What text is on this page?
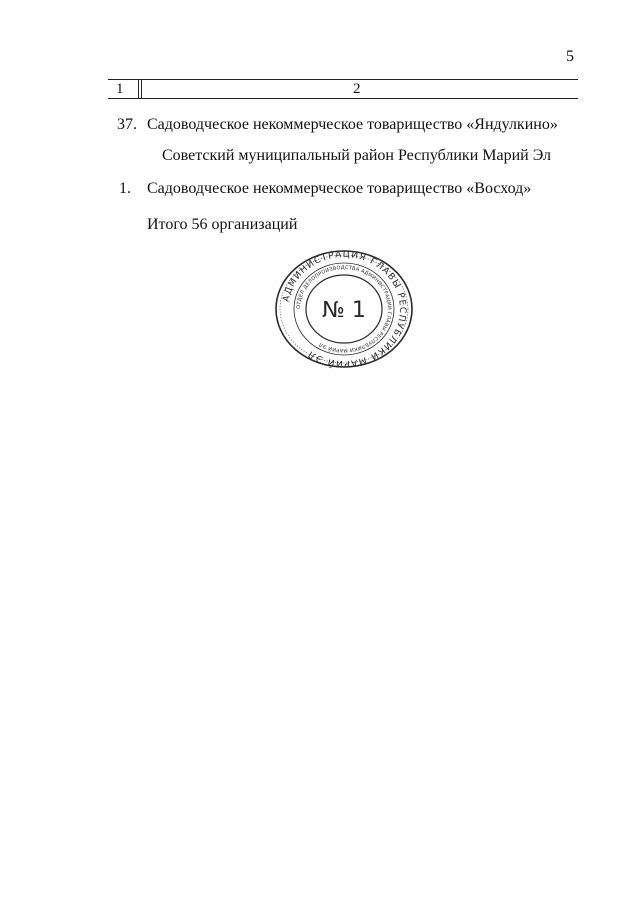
5
1	2
37. Садоводческое некоммерческое товарищество «Яндулкино»
Советский муниципальный район Республики Марий Эл
1. Садоводческое некоммерческое товарищество «Восход»
Итого 56 организаций
АДМИНИСТРАЦИЯ ГЛАВЫ РЕСПУБЛИКИ МАРИЙ ЭЛ
ОТДЕЛ ДЕЛОПРОИЗВОДСТВА АДМИНИСТРАЦИИ ГЛАВЫ РЕСПУБЛИКИ МАРИЙ ЭЛ
№ 1
